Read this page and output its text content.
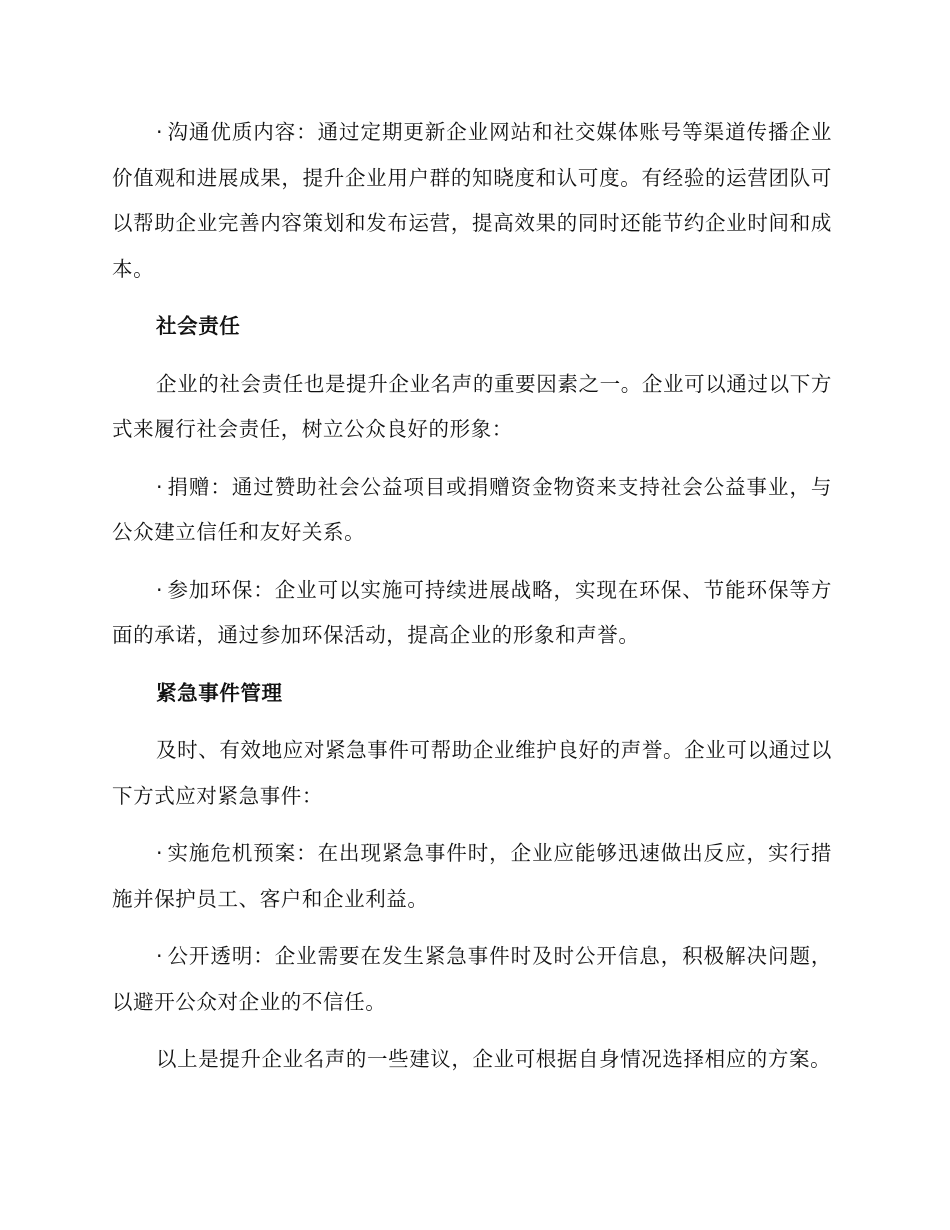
· 沟通优质内容：通过定期更新企业网站和社交媒体账号等渠道传播企业价值观和进展成果，提升企业用户群的知晓度和认可度。有经验的运营团队可以帮助企业完善内容策划和发布运营，提高效果的同时还能节约企业时间和成本。

社会责任

企业的社会责任也是提升企业名声的重要因素之一。企业可以通过以下方式来履行社会责任，树立公众良好的形象：

· 捐赠：通过赞助社会公益项目或捐赠资金物资来支持社会公益事业，与公众建立信任和友好关系。

· 参加环保：企业可以实施可持续进展战略，实现在环保、节能环保等方面的承诺，通过参加环保活动，提高企业的形象和声誉。

紧急事件管理

及时、有效地应对紧急事件可帮助企业维护良好的声誉。企业可以通过以下方式应对紧急事件：

· 实施危机预案：在出现紧急事件时，企业应能够迅速做出反应，实行措施并保护员工、客户和企业利益。

· 公开透明：企业需要在发生紧急事件时及时公开信息，积极解决问题，以避开公众对企业的不信任。

以上是提升企业名声的一些建议，企业可根据自身情况选择相应的方案。
